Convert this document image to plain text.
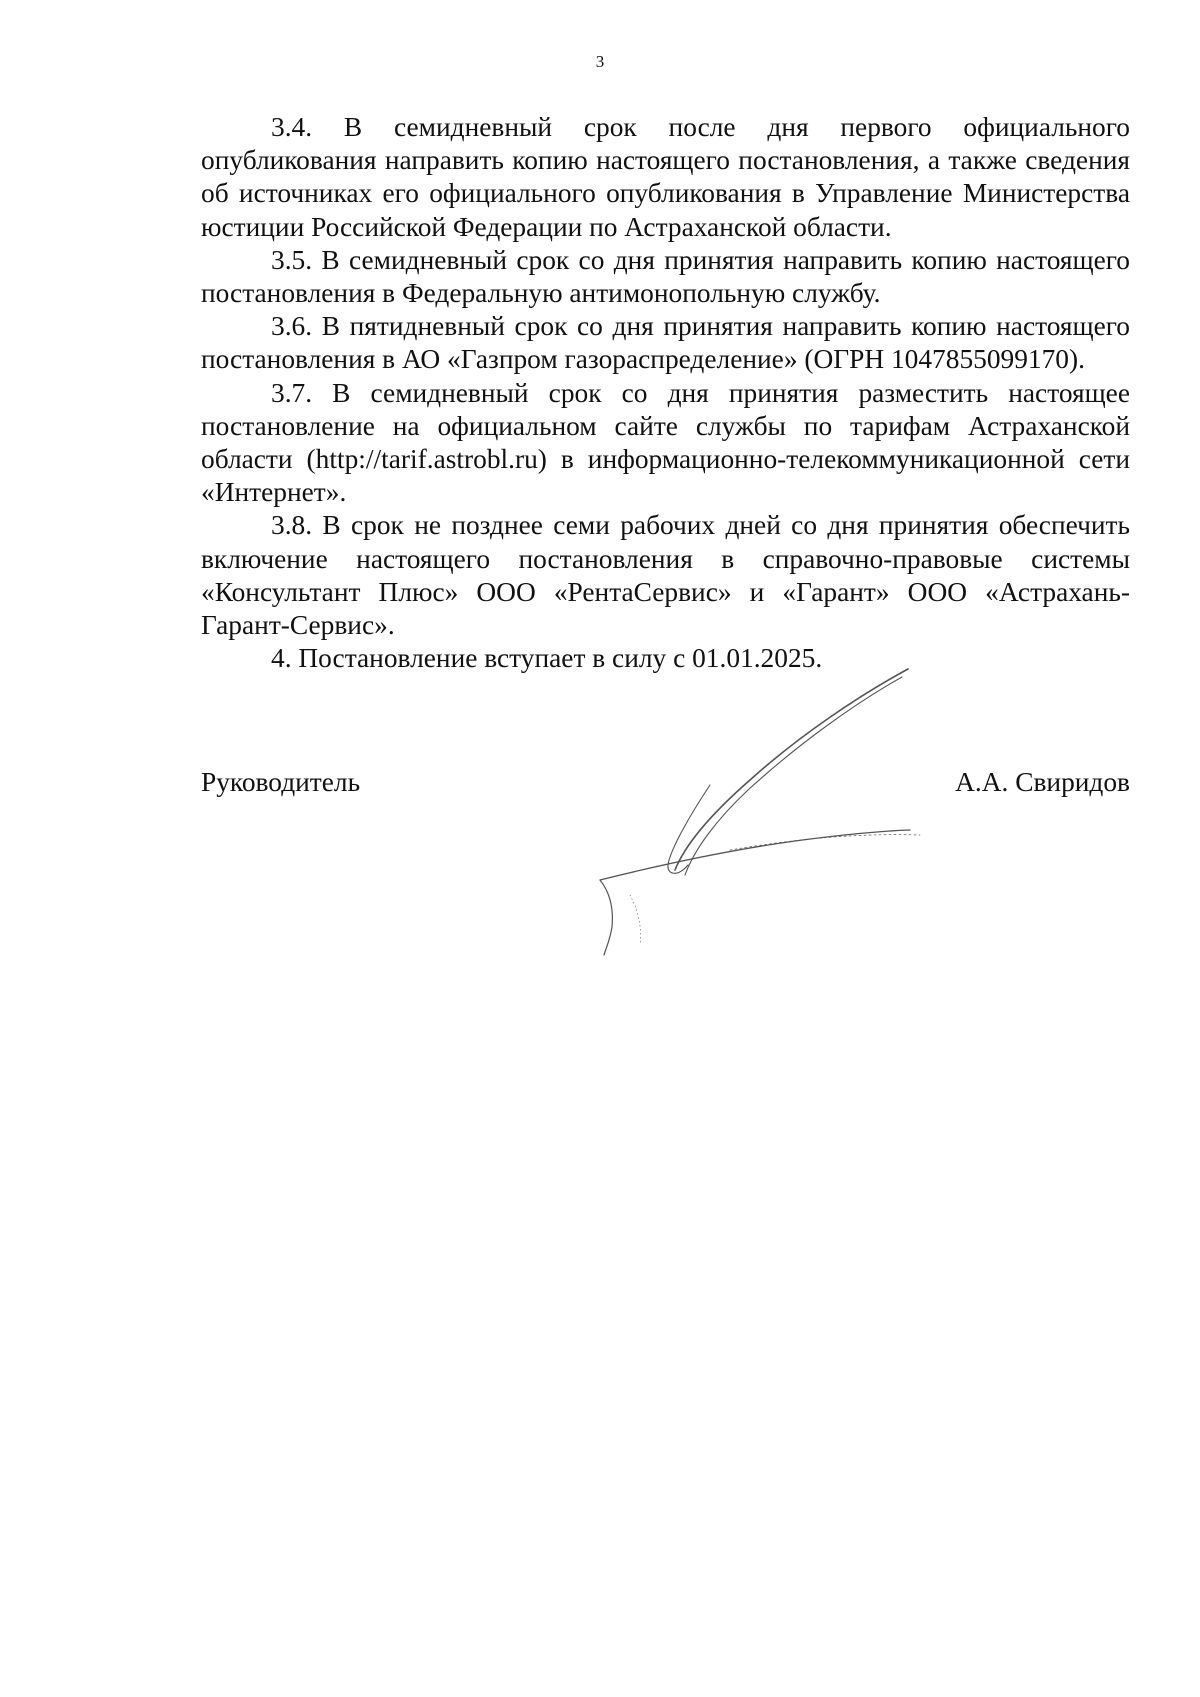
3

3.4. В семидневный срок после дня первого официального опубликования направить копию настоящего постановления, а также сведения об источниках его официального опубликования в Управление Министерства юстиции Российской Федерации по Астраханской области.

3.5. В семидневный срок со дня принятия направить копию настоящего постановления в Федеральную антимонопольную службу.

3.6. В пятидневный срок со дня принятия направить копию настоящего постановления в АО «Газпром газораспределение» (ОГРН 1047855099170).

3.7. В семидневный срок со дня принятия разместить настоящее постановление на официальном сайте службы по тарифам Астраханской области (http://tarif.astrobl.ru) в информационно-телекоммуникационной сети «Интернет».

3.8. В срок не позднее семи рабочих дней со дня принятия обеспечить включение настоящего постановления в справочно-правовые системы «Консультант Плюс» ООО «РентаСервис» и «Гарант» ООО «Астрахань-Гарант-Сервис».

4. Постановление вступает в силу с 01.01.2025.

Руководитель	А.А. Свиридов
